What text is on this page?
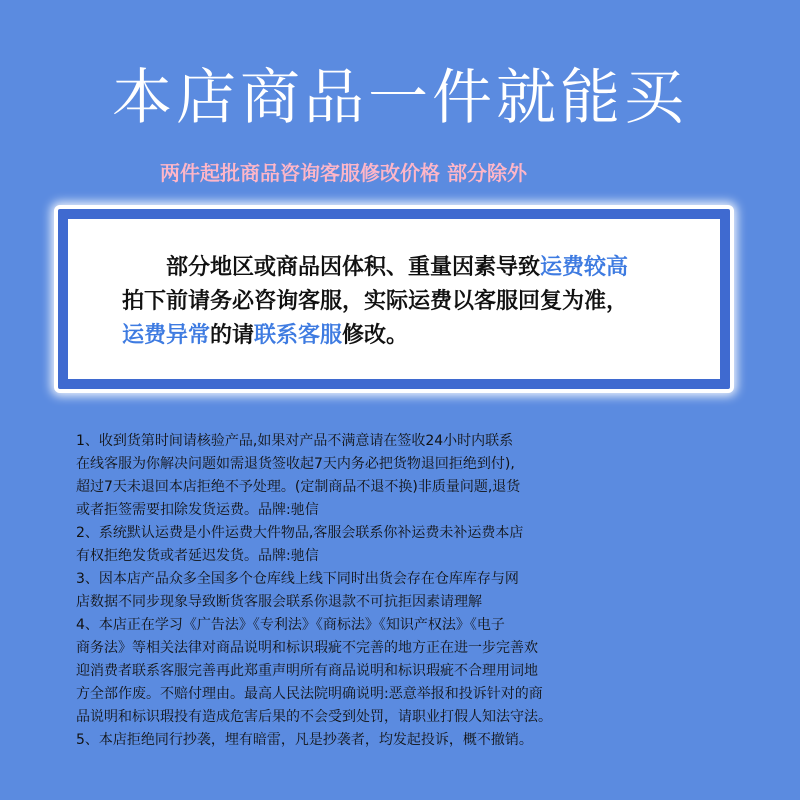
本店商品一件就能买
两件起批商品咨询客服修改价格 部分除外
部分地区或商品因体积、重量因素导致运费较高
拍下前请务必咨询客服，实际运费以客服回复为准，
运费异常的请联系客服修改。
1、收到货第时间请核验产品,如果对产品不满意请在签收24小时内联系
在线客服为你解决问题如需退货签收起7天内务必把货物退回拒绝到付),
超过7天未退回本店拒绝不予处理。(定制商品不退不换)非质量问题,退货
或者拒签需要扣除发货运费。品牌:驰信
2、系统默认运费是小件运费大件物品,客服会联系你补运费未补运费本店
有权拒绝发货或者延迟发货。品牌:驰信
3、因本店产品众多全国多个仓库线上线下同时出货会存在仓库库存与网
店数据不同步现象导致断货客服会联系你退款不可抗拒因素请理解
4、本店正在学习《广告法》《专利法》《商标法》《知识产权法》《电子
商务法》等相关法律对商品说明和标识瑕疵不完善的地方正在进一步完善欢
迎消费者联系客服完善再此郑重声明所有商品说明和标识瑕疵不合理用词地
方全部作废。不赔付理由。最高人民法院明确说明:恶意举报和投诉针对的商
品说明和标识瑕投有造成危害后果的不会受到处罚，请职业打假人知法守法。
5、本店拒绝同行抄袭，埋有暗雷，凡是抄袭者，均发起投诉，概不撤销。
